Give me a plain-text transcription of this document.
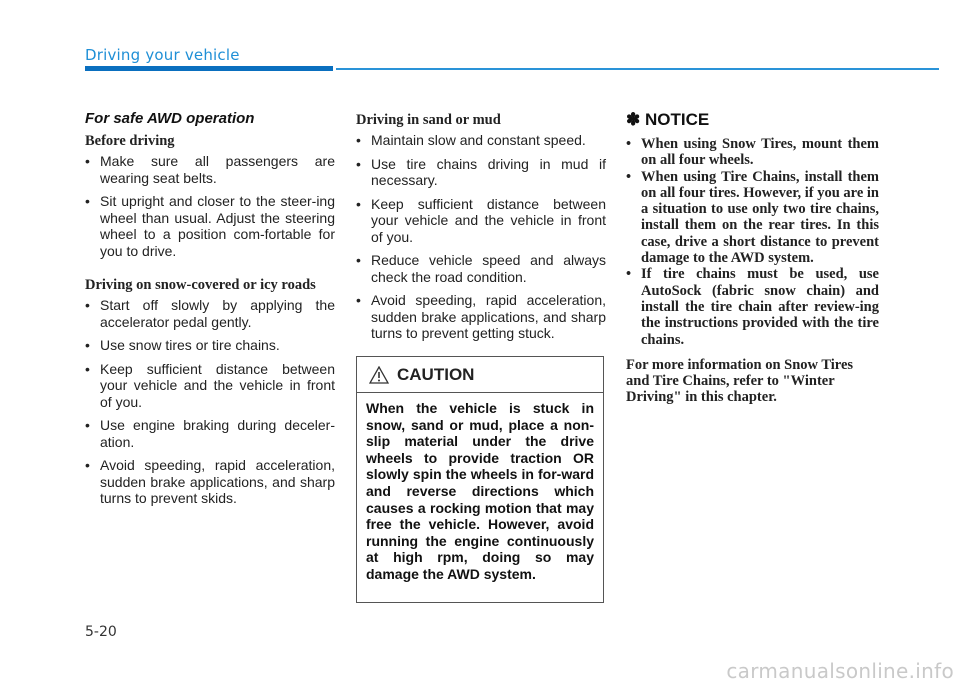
Driving your vehicle
For safe AWD operation
Before driving
• Make sure all passengers are wearing seat belts.
• Sit upright and closer to the steer-ing wheel than usual. Adjust the steering wheel to a position com-fortable for you to drive.
Driving on snow-covered or icy roads
• Start off slowly by applying the accelerator pedal gently.
• Use snow tires or tire chains.
• Keep sufficient distance between your vehicle and the vehicle in front of you.
• Use engine braking during deceler-ation.
• Avoid speeding, rapid acceleration, sudden brake applications, and sharp turns to prevent skids.
Driving in sand or mud
• Maintain slow and constant speed.
• Use tire chains driving in mud if necessary.
• Keep sufficient distance between your vehicle and the vehicle in front of you.
• Reduce vehicle speed and always check the road condition.
• Avoid speeding, rapid acceleration, sudden brake applications, and sharp turns to prevent getting stuck.
CAUTION
When the vehicle is stuck in snow, sand or mud, place a non-slip material under the drive wheels to provide traction OR slowly spin the wheels in for-ward and reverse directions which causes a rocking motion that may free the vehicle. However, avoid running the engine continuously at high rpm, doing so may damage the AWD system.
✽ NOTICE
• When using Snow Tires, mount them on all four wheels.
• When using Tire Chains, install them on all four tires. However, if you are in a situation to use only two tire chains, install them on the rear tires. In this case, drive a short distance to prevent damage to the AWD system.
• If tire chains must be used, use AutoSock (fabric snow chain) and install the tire chain after review-ing the instructions provided with the tire chains.
For more information on Snow Tires and Tire Chains, refer to "Winter Driving" in this chapter.
5-20
carmanualsonline.info
